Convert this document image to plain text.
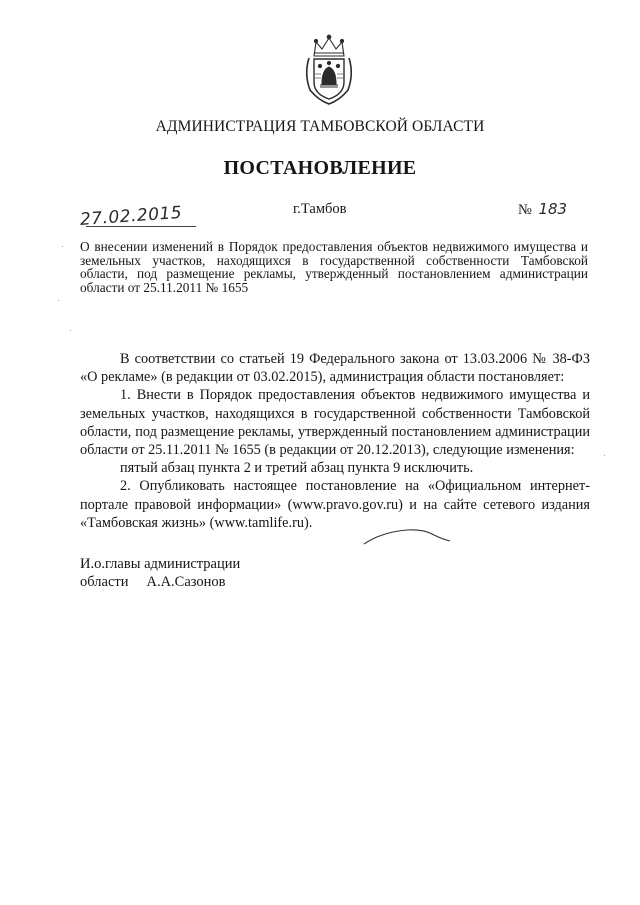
АДМИНИСТРАЦИЯ ТАМБОВСКОЙ ОБЛАСТИ
ПОСТАНОВЛЕНИЕ
27.02.2015	г.Тамбов	№ 183
О внесении изменений в Порядок предоставления объектов недвижимого имущества и земельных участков, находящихся в государственной собственности Тамбовской области, под размещение рекламы, утвержденный постановлением администрации области от 25.11.2011 № 1655

В соответствии со статьей 19 Федерального закона от 13.03.2006 № 38-ФЗ «О рекламе» (в редакции от 03.02.2015), администрация области постановляет:

1. Внести в Порядок предоставления объектов недвижимого имущества и земельных участков, находящихся в государственной собственности Тамбовской области, под размещение рекламы, утвержденный постановлением администрации области от 25.11.2011 № 1655 (в редакции от 20.12.2013), следующие изменения:

пятый абзац пункта 2 и третий абзац пункта 9 исключить.

2. Опубликовать настоящее постановление на «Официальном интернет-портале правовой информации» (www.pravo.gov.ru) и на сайте сетевого издания «Тамбовская жизнь» (www.tamlife.ru).

И.о.главы администрации
области А.А.Сазонов
